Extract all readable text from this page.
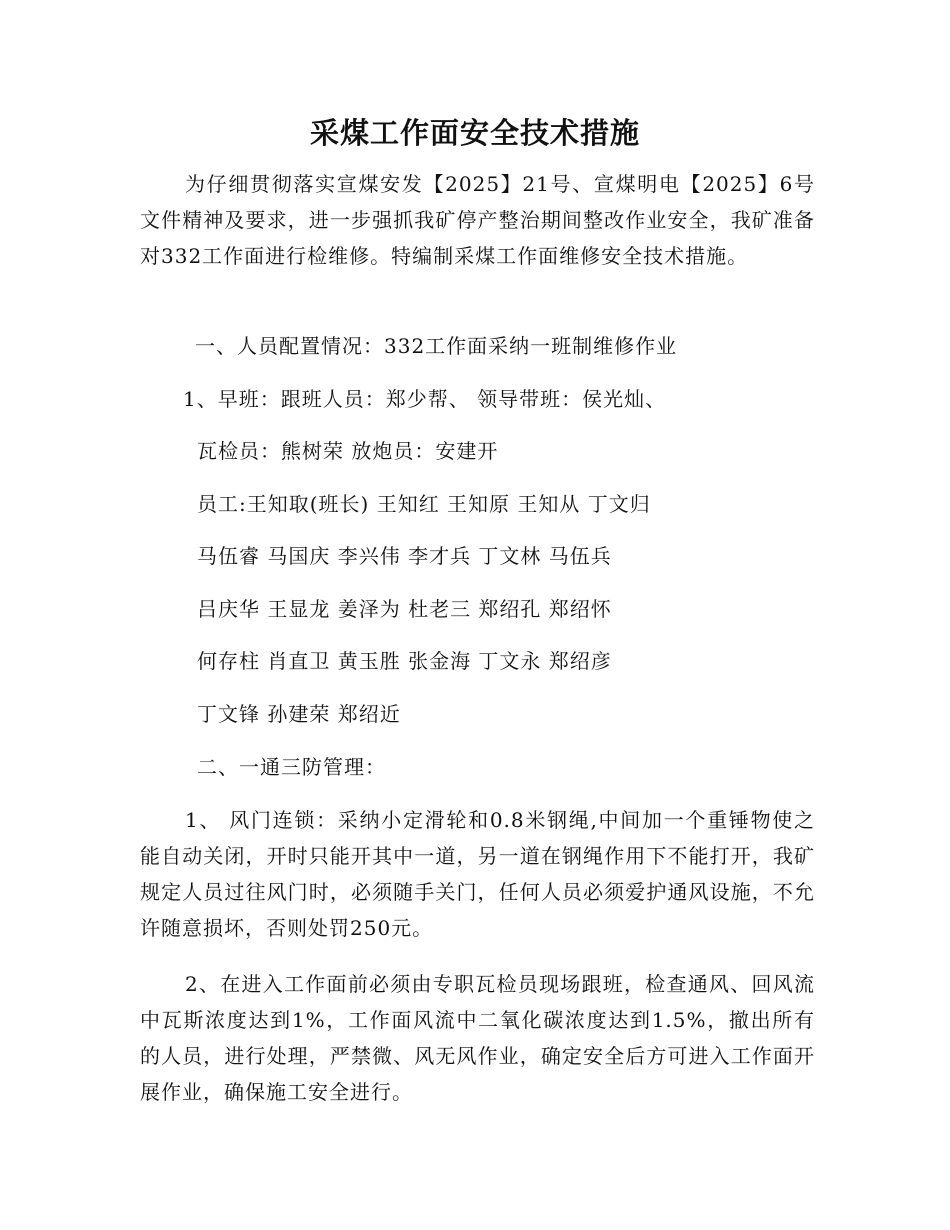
采煤工作面安全技术措施

为仔细贯彻落实宣煤安发【2025】21号、宣煤明电【2025】6号文件精神及要求，进一步强抓我矿停产整治期间整改作业安全，我矿准备对332工作面进行检维修。特编制采煤工作面维修安全技术措施。

一、人员配置情况：332工作面采纳一班制维修作业
1、早班：跟班人员：郑少帮、 领导带班：侯光灿、
瓦检员：熊树荣 放炮员：安建开
员工:王知取(班长) 王知红 王知原 王知从 丁文归
马伍睿 马国庆 李兴伟 李才兵 丁文林 马伍兵
吕庆华 王显龙 姜泽为 杜老三 郑绍孔 郑绍怀
何存柱 肖直卫 黄玉胜 张金海 丁文永 郑绍彦
丁文锋 孙建荣 郑绍近
二、一通三防管理：

1、 风门连锁：采纳小定滑轮和0.8米钢绳,中间加一个重锤物使之能自动关闭，开时只能开其中一道，另一道在钢绳作用下不能打开，我矿规定人员过往风门时，必须随手关门，任何人员必须爱护通风设施，不允许随意损坏，否则处罚250元。

2、在进入工作面前必须由专职瓦检员现场跟班，检查通风、回风流中瓦斯浓度达到1%，工作面风流中二氧化碳浓度达到1.5%，撤出所有的人员，进行处理，严禁微、风无风作业，确定安全后方可进入工作面开展作业，确保施工安全进行。
